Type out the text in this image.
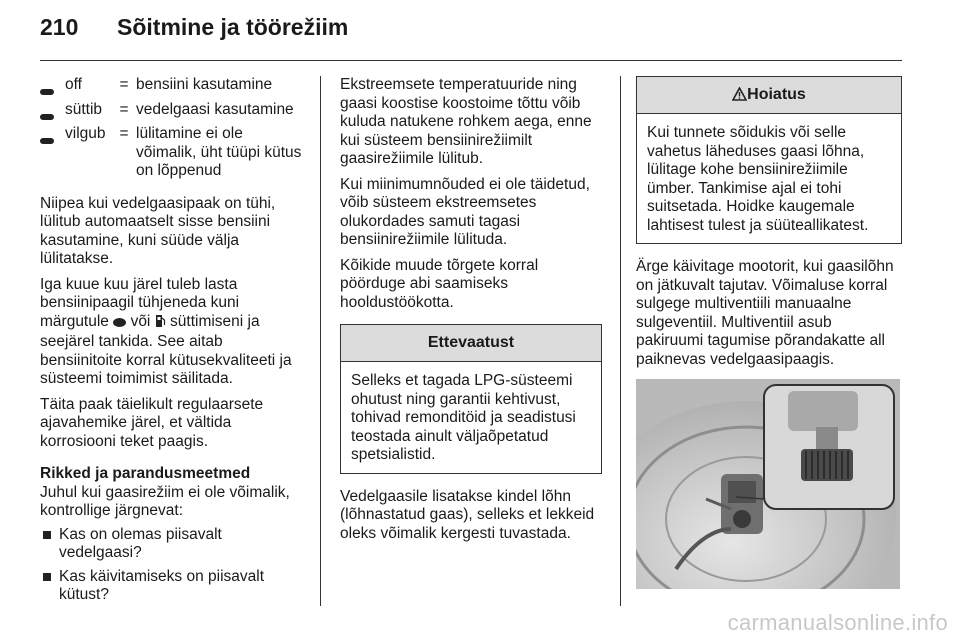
210 Sõitmine ja töörežiim
off	= bensiini kasutamine
süttib	= vedelgaasi kasutamine
vilgub = lülitamine ei ole võimalik, üht tüüpi kütus on lõppenud

Niipea kui vedelgaasipaak on tühi, lülitub automaatselt sisse bensiini kasutamine, kuni süüde välja lülitatakse.

Iga kuue kuu järel tuleb lasta bensiinipaagil tühjeneda kuni märgutule või süttimiseni ja seejärel tankida. See aitab bensiinitoite korral kütusekvaliteeti ja süsteemi toimimist säilitada.

Täita paak täielikult regulaarsete ajavahemike järel, et vältida korrosiooni teket paagis.

Rikked ja parandusmeetmed

Juhul kui gaasirežiim ei ole võimalik, kontrollige järgnevat:

Kas on olemas piisavalt vedelgaasi?
Kas käivitamiseks on piisavalt kütust?

Ekstreemsete temperatuuride ning gaasi koostise koostoime tõttu võib kuluda natukene rohkem aega, enne kui süsteem bensiinirežiimilt gaasirežiimile lülitub.

Kui miinimumnõuded ei ole täidetud, võib süsteem ekstreemsetes olukordades samuti tagasi bensiinirežiimile lülituda.

Kõikide muude tõrgete korral pöörduge abi saamiseks hooldustöökotta.

Ettevaatust
Selleks et tagada LPG-süsteemi ohutust ning garantii kehtivust, tohivad remonditöid ja seadistusi teostada ainult väljaõpetatud spetsialistid.

Vedelgaasile lisatakse kindel lõhn (lõhnastatud gaas), selleks et lekkeid oleks võimalik kergesti tuvastada.

Hoiatus
Kui tunnete sõidukis või selle vahetus läheduses gaasi lõhna, lülitage kohe bensiinirežiimile ümber. Tankimise ajal ei tohi suitsetada. Hoidke kaugemale lahtisest tulest ja süüteallikatest.

Ärge käivitage mootorit, kui gaasilõhn on jätkuvalt tajutav. Võimaluse korral sulgege multiventiili manuaalne sulgeventiil. Multiventiil asub pakiruumi tagumise põrandakatte all paiknevas vedelgaasipaagis.

carmanualsonline.info
